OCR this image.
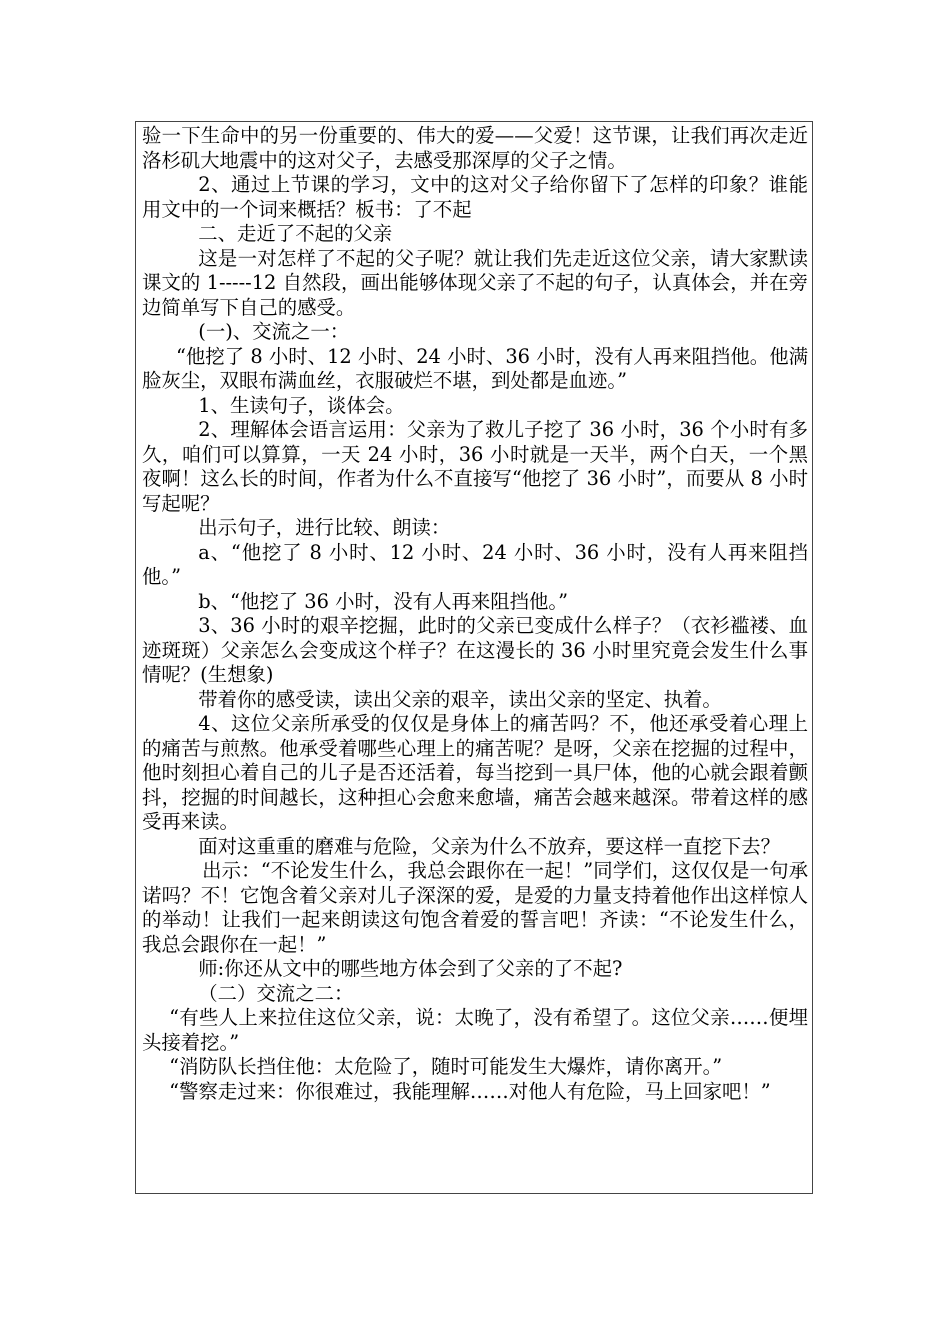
验一下生命中的另一份重要的、伟大的爱——父爱！这节课，让我们再次走近洛杉矶大地震中的这对父子，去感受那深厚的父子之情。

2、通过上节课的学习，文中的这对父子给你留下了怎样的印象？谁能用文中的一个词来概括？板书：了不起

二、走近了不起的父亲

这是一对怎样了不起的父子呢？就让我们先走近这位父亲，请大家默读课文的 1-----12 自然段，画出能够体现父亲了不起的句子，认真体会，并在旁边简单写下自己的感受。

(一)、交流之一：

“他挖了 8 小时、12 小时、24 小时、36 小时，没有人再来阻挡他。他满脸灰尘，双眼布满血丝，衣服破烂不堪，到处都是血迹。”

1、生读句子，谈体会。

2、理解体会语言运用：父亲为了救儿子挖了 36 小时，36 个小时有多久，咱们可以算算，一天 24 小时，36 小时就是一天半，两个白天，一个黑夜啊！这么长的时间，作者为什么不直接写“他挖了 36 小时”，而要从 8 小时写起呢？

出示句子，进行比较、朗读：

a、“他挖了 8 小时、12 小时、24 小时、36 小时，没有人再来阻挡他。”

b、“他挖了 36 小时，没有人再来阻挡他。”

3、36 小时的艰辛挖掘，此时的父亲已变成什么样子？（衣衫褴褛、血迹斑斑）父亲怎么会变成这个样子？在这漫长的 36 小时里究竟会发生什么事情呢？(生想象)

带着你的感受读，读出父亲的艰辛，读出父亲的坚定、执着。

4、这位父亲所承受的仅仅是身体上的痛苦吗？不，他还承受着心理上的痛苦与煎熬。他承受着哪些心理上的痛苦呢？是呀，父亲在挖掘的过程中，他时刻担心着自己的儿子是否还活着，每当挖到一具尸体，他的心就会跟着颤抖，挖掘的时间越长，这种担心会愈来愈墙，痛苦会越来越深。带着这样的感受再来读。

面对这重重的磨难与危险，父亲为什么不放弃，要这样一直挖下去？

出示：“不论发生什么，我总会跟你在一起！”同学们，这仅仅是一句承诺吗？不！它饱含着父亲对儿子深深的爱，是爱的力量支持着他作出这样惊人的举动！让我们一起来朗读这句饱含着爱的誓言吧！齐读：“不论发生什么，我总会跟你在一起！”

师:你还从文中的哪些地方体会到了父亲的了不起?

（二）交流之二：

“有些人上来拉住这位父亲，说：太晚了，没有希望了。这位父亲……便埋头接着挖。”

“消防队长挡住他：太危险了，随时可能发生大爆炸，请你离开。”

“警察走过来：你很难过，我能理解……对他人有危险，马上回家吧！”
